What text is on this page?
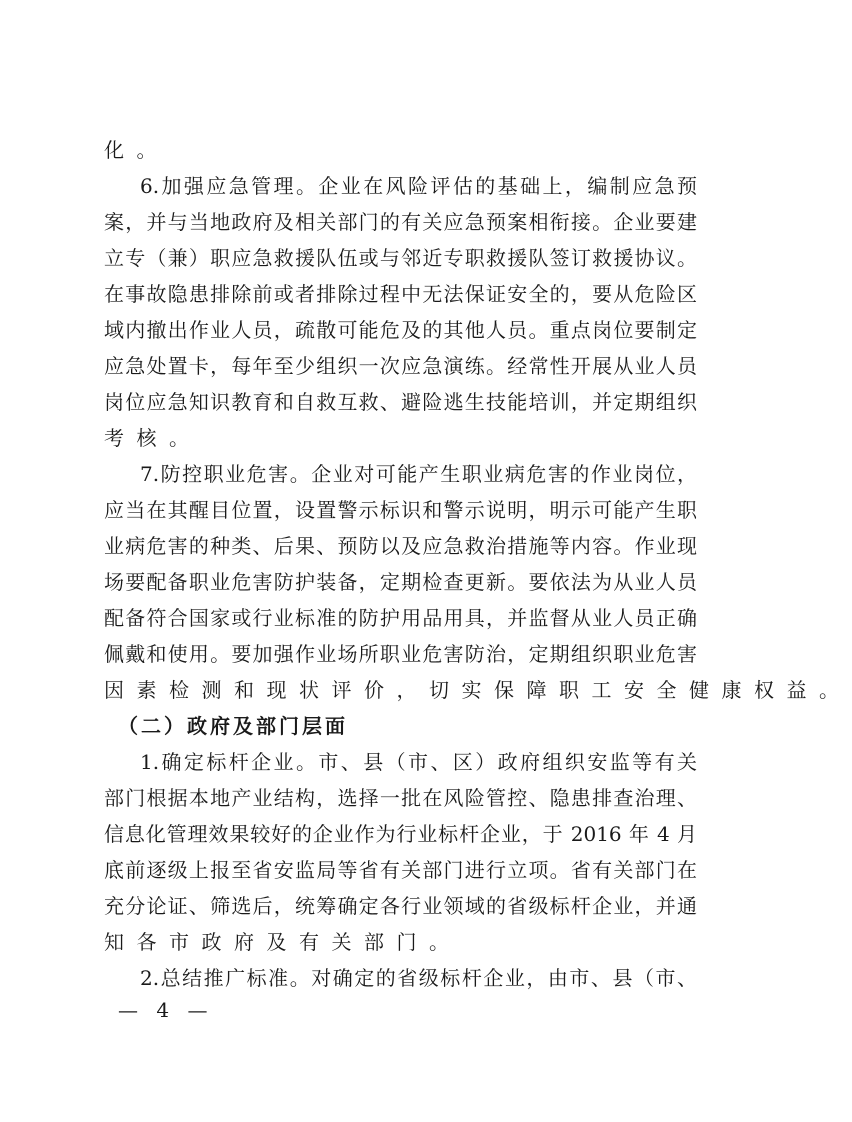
化。
6.加强应急管理。企业在风险评估的基础上，编制应急预
案，并与当地政府及相关部门的有关应急预案相衔接。企业要建
立专（兼）职应急救援队伍或与邻近专职救援队签订救援协议。
在事故隐患排除前或者排除过程中无法保证安全的，要从危险区
域内撤出作业人员，疏散可能危及的其他人员。重点岗位要制定
应急处置卡，每年至少组织一次应急演练。经常性开展从业人员
岗位应急知识教育和自救互救、避险逃生技能培训，并定期组织
考核。
7.防控职业危害。企业对可能产生职业病危害的作业岗位，
应当在其醒目位置，设置警示标识和警示说明，明示可能产生职
业病危害的种类、后果、预防以及应急救治措施等内容。作业现
场要配备职业危害防护装备，定期检查更新。要依法为从业人员
配备符合国家或行业标准的防护用品用具，并监督从业人员正确
佩戴和使用。要加强作业场所职业危害防治，定期组织职业危害
因素检测和现状评价，切实保障职工安全健康权益。
（二）政府及部门层面
1.确定标杆企业。市、县（市、区）政府组织安监等有关
部门根据本地产业结构，选择一批在风险管控、隐患排查治理、
信息化管理效果较好的企业作为行业标杆企业，于 2016 年 4 月
底前逐级上报至省安监局等省有关部门进行立项。省有关部门在
充分论证、筛选后，统筹确定各行业领域的省级标杆企业，并通
知各市政府及有关部门。
2.总结推广标准。对确定的省级标杆企业，由市、县（市、
— 4 —
